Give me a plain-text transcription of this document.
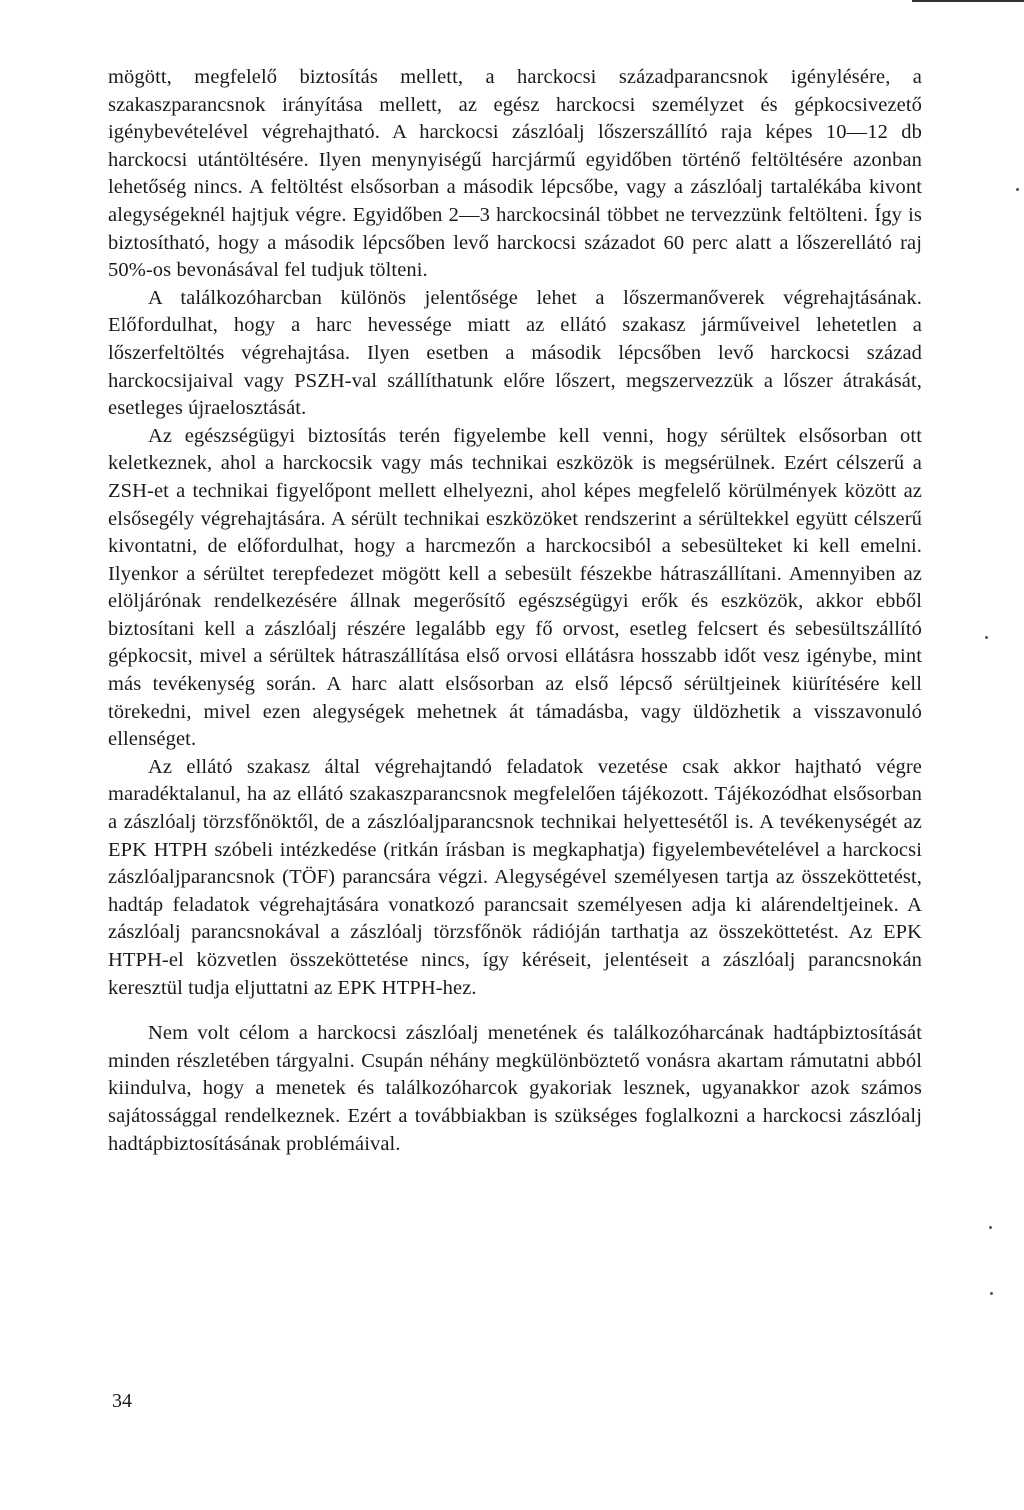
mögött, megfelelő biztosítás mellett, a harckocsi századparancsnok igénylésére, a szakaszparancsnok irányítása mellett, az egész harckocsi személyzet és gépkocsivezető igénybevételével végrehajtható. A harckocsi zászlóalj lőszerszállító raja képes 10—12 db harckocsi utántöltésére. Ilyen menynyiségű harcjármű egyidőben történő feltöltésére azonban lehetőség nincs. A feltöltést elsősorban a második lépcsőbe, vagy a zászlóalj tartalékába kivont alegységeknél hajtjuk végre. Egyidőben 2—3 harckocsinál többet ne tervezzünk feltölteni. Így is biztosítható, hogy a második lépcsőben levő harckocsi századot 60 perc alatt a lőszerellátó raj 50%-os bevonásával fel tudjuk tölteni.

A találkozóharcban különös jelentősége lehet a lőszermanőverek végrehajtásának. Előfordulhat, hogy a harc hevessége miatt az ellátó szakasz járműveivel lehetetlen a lőszerfeltöltés végrehajtása. Ilyen esetben a második lépcsőben levő harckocsi század harckocsijaival vagy PSZH-val szállíthatunk előre lőszert, megszervezzük a lőszer átrakását, esetleges újraelosztását.

Az egészségügyi biztosítás terén figyelembe kell venni, hogy sérültek elsősorban ott keletkeznek, ahol a harckocsik vagy más technikai eszközök is megsérülnek. Ezért célszerű a ZSH-et a technikai figyelőpont mellett elhelyezni, ahol képes megfelelő körülmények között az elsősegély végrehajtására. A sérült technikai eszközöket rendszerint a sérültekkel együtt célszerű kivontatni, de előfordulhat, hogy a harcmezőn a harckocsiból a sebesülteket ki kell emelni. Ilyenkor a sérültet terepfedezet mögött kell a sebesült fészekbe hátraszállítani. Amennyiben az elöljárónak rendelkezésére állnak megerősítő egészségügyi erők és eszközök, akkor ebből biztosítani kell a zászlóalj részére legalább egy fő orvost, esetleg felcsert és sebesültszállító gépkocsit, mivel a sérültek hátraszállítása első orvosi ellátásra hosszabb időt vesz igénybe, mint más tevékenység során. A harc alatt elsősorban az első lépcső sérültjeinek kiürítésére kell törekedni, mivel ezen alegységek mehetnek át támadásba, vagy üldözhetik a visszavonuló ellenséget.

Az ellátó szakasz által végrehajtandó feladatok vezetése csak akkor hajtható végre maradéktalanul, ha az ellátó szakaszparancsnok megfelelően tájékozott. Tájékozódhat elsősorban a zászlóalj törzsfőnöktől, de a zászlóaljparancsnok technikai helyettesétől is. A tevékenységét az EPK HTPH szóbeli intézkedése (ritkán írásban is megkaphatja) figyelembevételével a harckocsi zászlóaljparancsnok (TÖF) parancsára végzi. Alegységével személyesen tartja az összeköttetést, hadtáp feladatok végrehajtására vonatkozó parancsait személyesen adja ki alárendeltjeinek. A zászlóalj parancsnokával a zászlóalj törzsfőnök rádióján tarthatja az összeköttetést. Az EPK HTPH-el közvetlen összeköttetése nincs, így kéréseit, jelentéseit a zászlóalj parancsnokán keresztül tudja eljuttatni az EPK HTPH-hez.

Nem volt célom a harckocsi zászlóalj menetének és találkozóharcának hadtápbiztosítását minden részletében tárgyalni. Csupán néhány megkülönböztető vonásra akartam rámutatni abból kiindulva, hogy a menetek és találkozóharcok gyakoriak lesznek, ugyanakkor azok számos sajátossággal rendelkeznek. Ezért a továbbiakban is szükséges foglalkozni a harckocsi zászlóalj hadtápbiztosításának problémáival.

34
